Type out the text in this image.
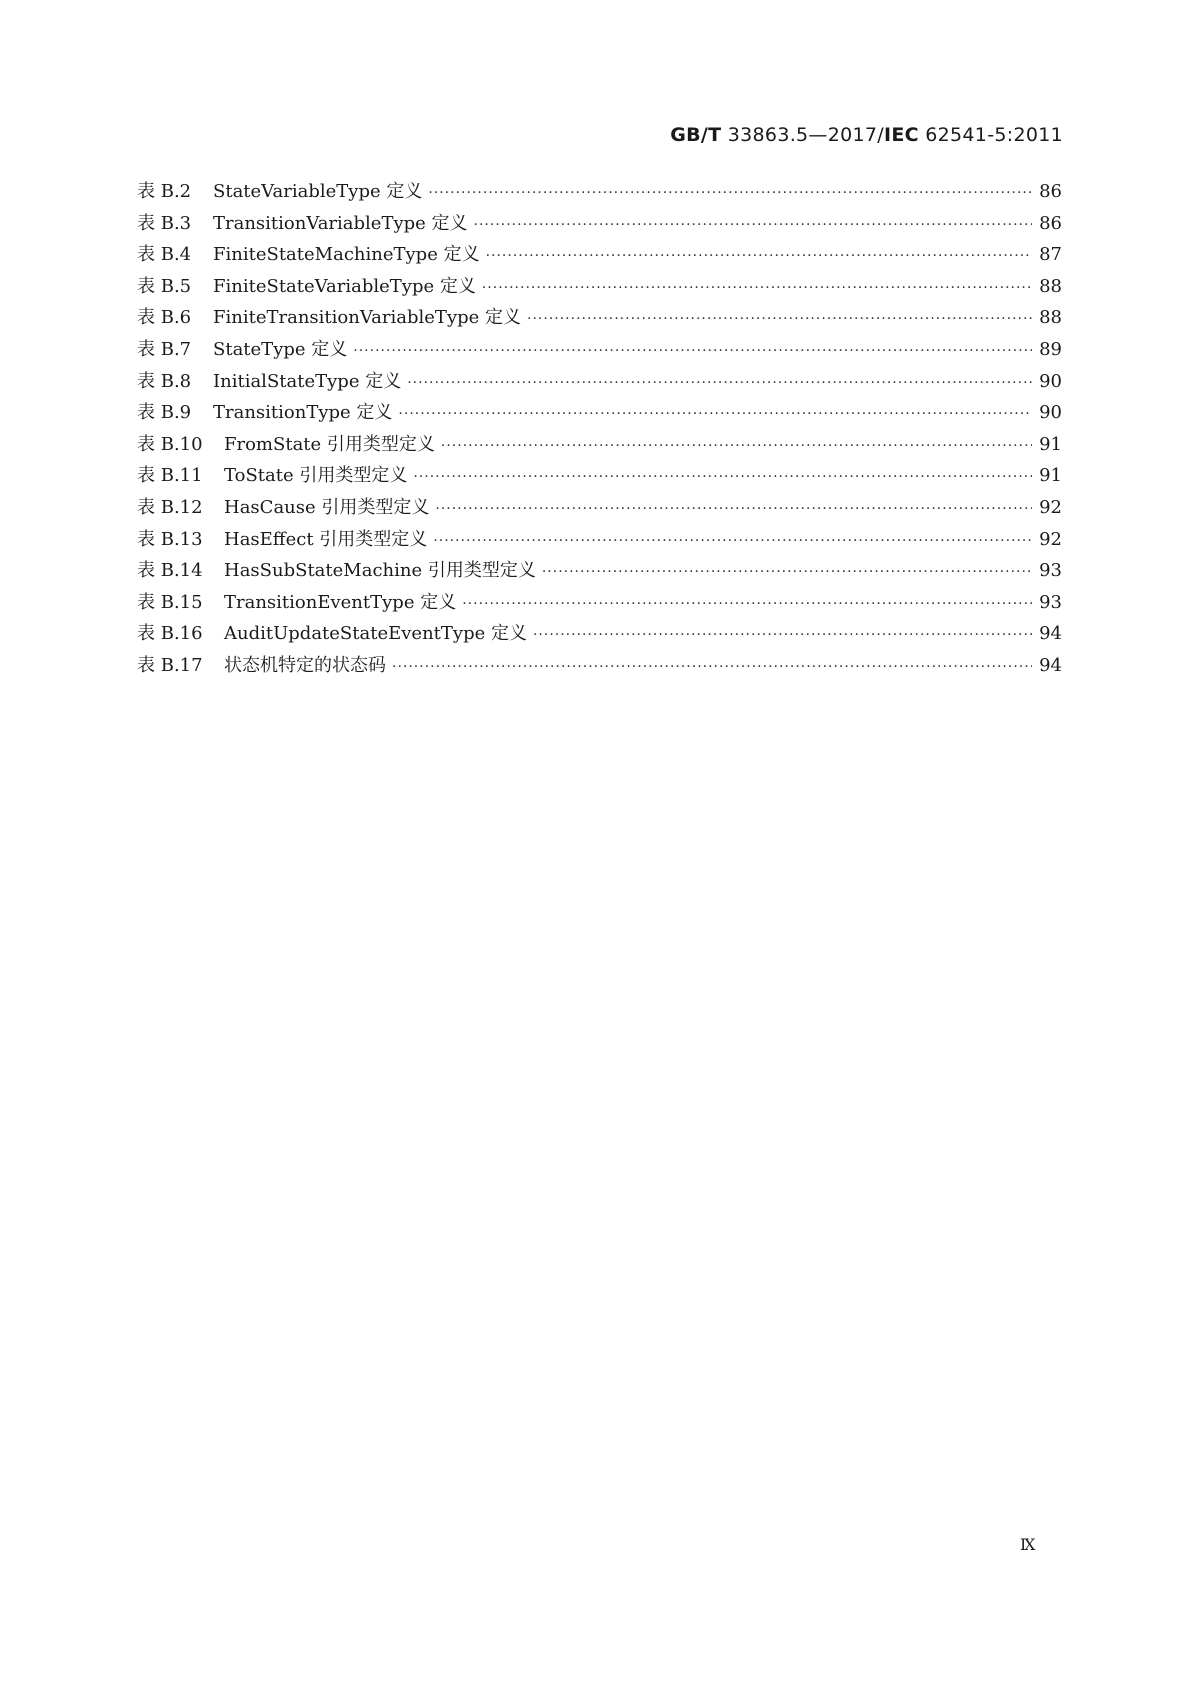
GB/T 33863.5—2017/IEC 62541-5:2011
表 B.2	StateVariableType 定义 ·····	86
表 B.3	TransitionVariableType 定义 ·····	86
表 B.4	FiniteStateMachineType 定义 ·····	87
表 B.5	FiniteStateVariableType 定义 ·····	88
表 B.6	FiniteTransitionVariableType 定义 ·····	88
表 B.7	StateType 定义 ·····	89
表 B.8	InitialStateType 定义 ·····	90
表 B.9	TransitionType 定义 ·····	90
表 B.10	FromState 引用类型定义 ·····	91
表 B.11	ToState 引用类型定义 ·····	91
表 B.12	HasCause 引用类型定义 ·····	92
表 B.13	HasEffect 引用类型定义 ·····	92
表 B.14	HasSubStateMachine 引用类型定义 ·····	93
表 B.15	TransitionEventType 定义 ·····	93
表 B.16	AuditUpdateStateEventType 定义 ·····	94
表 B.17	状态机特定的状态码 ·····	94
Ⅸ
